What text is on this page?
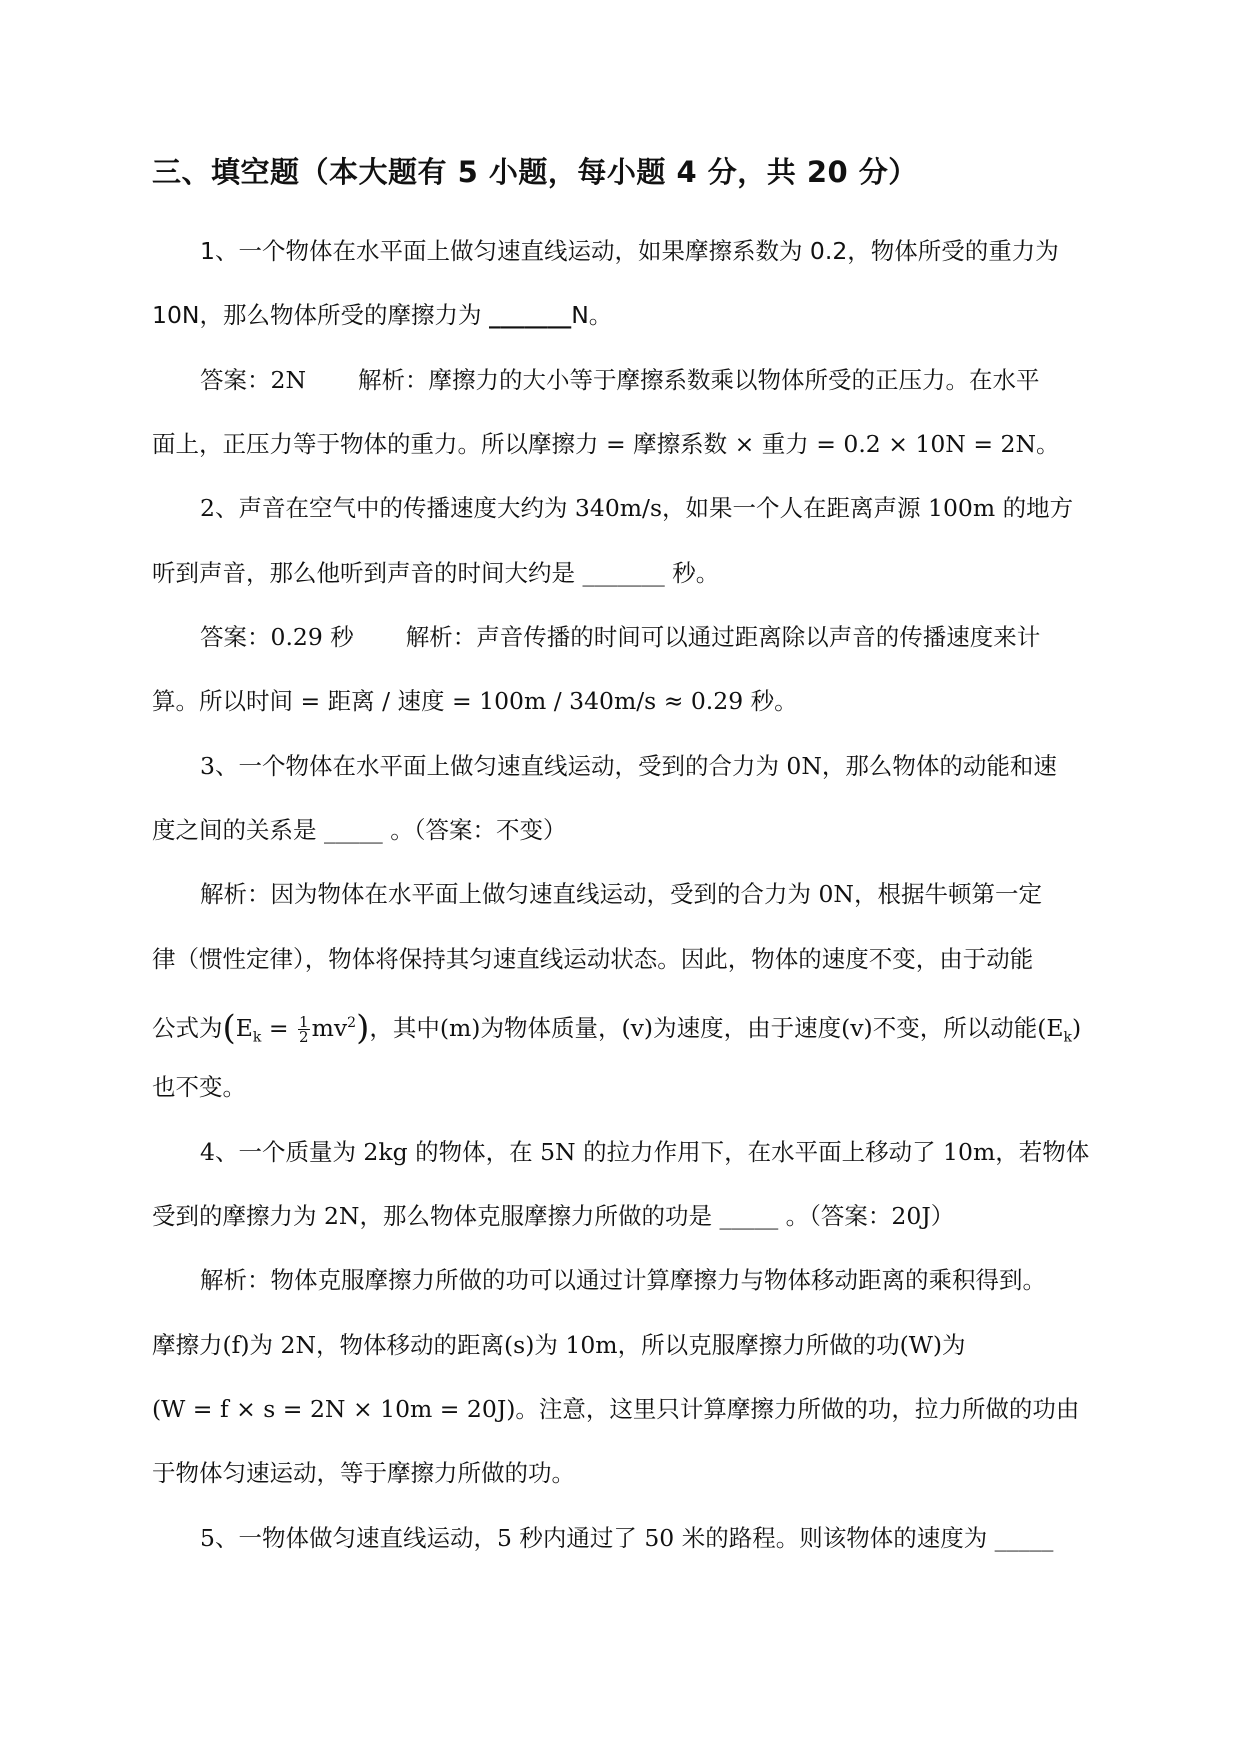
三、填空题（本大题有 5 小题，每小题 4 分，共 20 分）
1、一个物体在水平面上做匀速直线运动，如果摩擦系数为 0.2，物体所受的重力为
10N，那么物体所受的摩擦力为 _______N。
答案：2N 解析：摩擦力的大小等于摩擦系数乘以物体所受的正压力。在水平
面上，正压力等于物体的重力。所以摩擦力 = 摩擦系数 × 重力 = 0.2 × 10N = 2N。
2、声音在空气中的传播速度大约为 340m/s，如果一个人在距离声源 100m 的地方
听到声音，那么他听到声音的时间大约是 _______ 秒。
答案：0.29 秒 解析：声音传播的时间可以通过距离除以声音的传播速度来计
算。所以时间 = 距离 / 速度 = 100m / 340m/s ≈ 0.29 秒。
3、一个物体在水平面上做匀速直线运动，受到的合力为 0N，那么物体的动能和速
度之间的关系是 _____ 。（答案：不变）
解析：因为物体在水平面上做匀速直线运动，受到的合力为 0N，根据牛顿第一定
律（惯性定律），物体将保持其匀速直线运动状态。因此，物体的速度不变，由于动能
公式为$(E_k = \frac{1}{2} mv^2)$，其中(m)为物体质量，(v)为速度，由于速度(v)不变，所以动能$(E_k)$
也不变。
4、一个质量为 2kg 的物体，在 5N 的拉力作用下，在水平面上移动了 10m，若物体
受到的摩擦力为 2N，那么物体克服摩擦力所做的功是 _____ 。（答案：20J）
解析：物体克服摩擦力所做的功可以通过计算摩擦力与物体移动距离的乘积得到。
摩擦力(f)为 2N，物体移动的距离(s)为 10m，所以克服摩擦力所做的功(W)为
(W = f × s = 2N × 10m = 20J)。注意，这里只计算摩擦力所做的功，拉力所做的功由
于物体匀速运动，等于摩擦力所做的功。
5、一物体做匀速直线运动，5 秒内通过了 50 米的路程。则该物体的速度为 _____
